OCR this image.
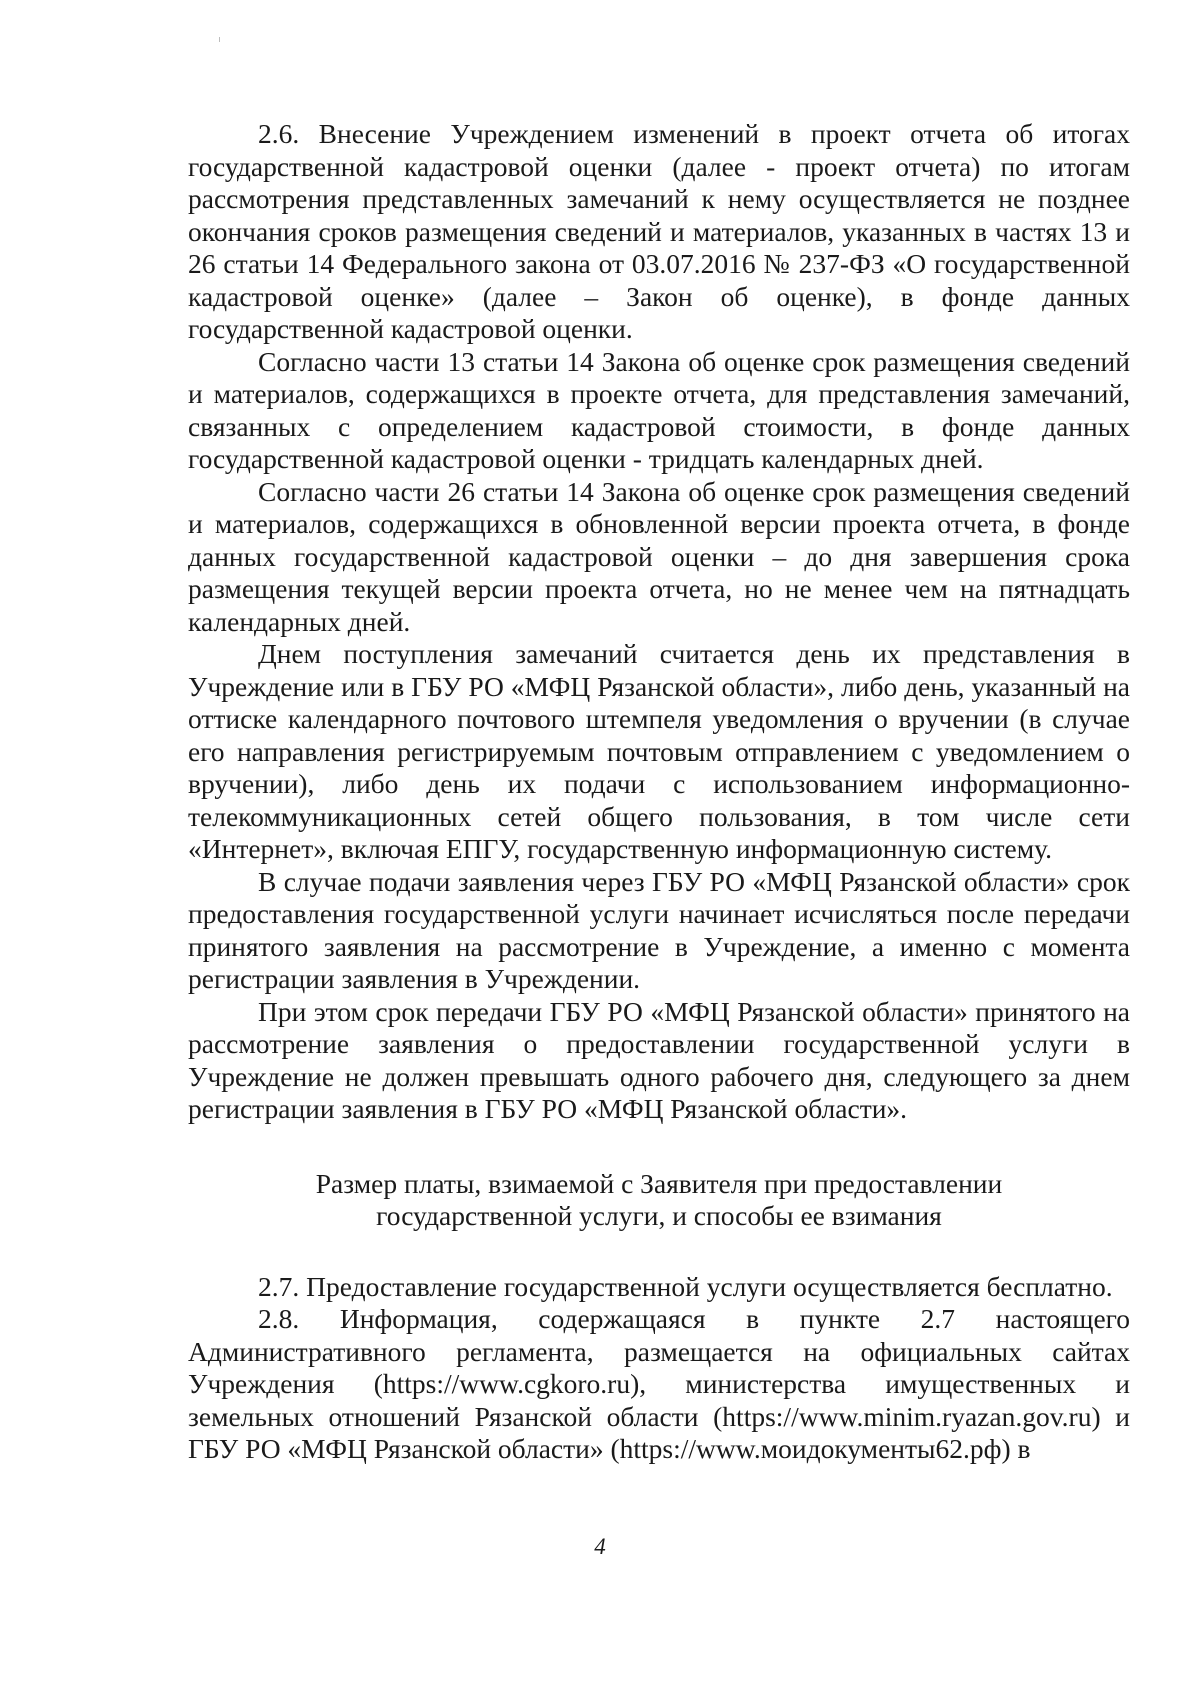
2.6. Внесение Учреждением изменений в проект отчета об итогах государственной кадастровой оценки (далее - проект отчета) по итогам рассмотрения представленных замечаний к нему осуществляется не позднее окончания сроков размещения сведений и материалов, указанных в частях 13 и 26 статьи 14 Федерального закона от 03.07.2016 № 237-ФЗ «О государственной кадастровой оценке» (далее – Закон об оценке), в фонде данных государственной кадастровой оценки.

Согласно части 13 статьи 14 Закона об оценке срок размещения сведений и материалов, содержащихся в проекте отчета, для представления замечаний, связанных с определением кадастровой стоимости, в фонде данных государственной кадастровой оценки - тридцать календарных дней.

Согласно части 26 статьи 14 Закона об оценке срок размещения сведений и материалов, содержащихся в обновленной версии проекта отчета, в фонде данных государственной кадастровой оценки – до дня завершения срока размещения текущей версии проекта отчета, но не менее чем на пятнадцать календарных дней.

Днем поступления замечаний считается день их представления в Учреждение или в ГБУ РО «МФЦ Рязанской области», либо день, указанный на оттиске календарного почтового штемпеля уведомления о вручении (в случае его направления регистрируемым почтовым отправлением с уведомлением о вручении), либо день их подачи с использованием информационно-телекоммуникационных сетей общего пользования, в том числе сети «Интернет», включая ЕПГУ, государственную информационную систему.

В случае подачи заявления через ГБУ РО «МФЦ Рязанской области» срок предоставления государственной услуги начинает исчисляться после передачи принятого заявления на рассмотрение в Учреждение, а именно с момента регистрации заявления в Учреждении.

При этом срок передачи ГБУ РО «МФЦ Рязанской области» принятого на рассмотрение заявления о предоставлении государственной услуги в Учреждение не должен превышать одного рабочего дня, следующего за днем регистрации заявления в ГБУ РО «МФЦ Рязанской области».

Размер платы, взимаемой с Заявителя при предоставлении
государственной услуги, и способы ее взимания

2.7. Предоставление государственной услуги осуществляется бесплатно.

2.8. Информация, содержащаяся в пункте 2.7 настоящего Административного регламента, размещается на официальных сайтах Учреждения (https://www.cgkoro.ru), министерства имущественных и земельных отношений Рязанской области (https://www.minim.ryazan.gov.ru) и ГБУ РО «МФЦ Рязанской области» (https://www.моидокументы62.рф) в

4
